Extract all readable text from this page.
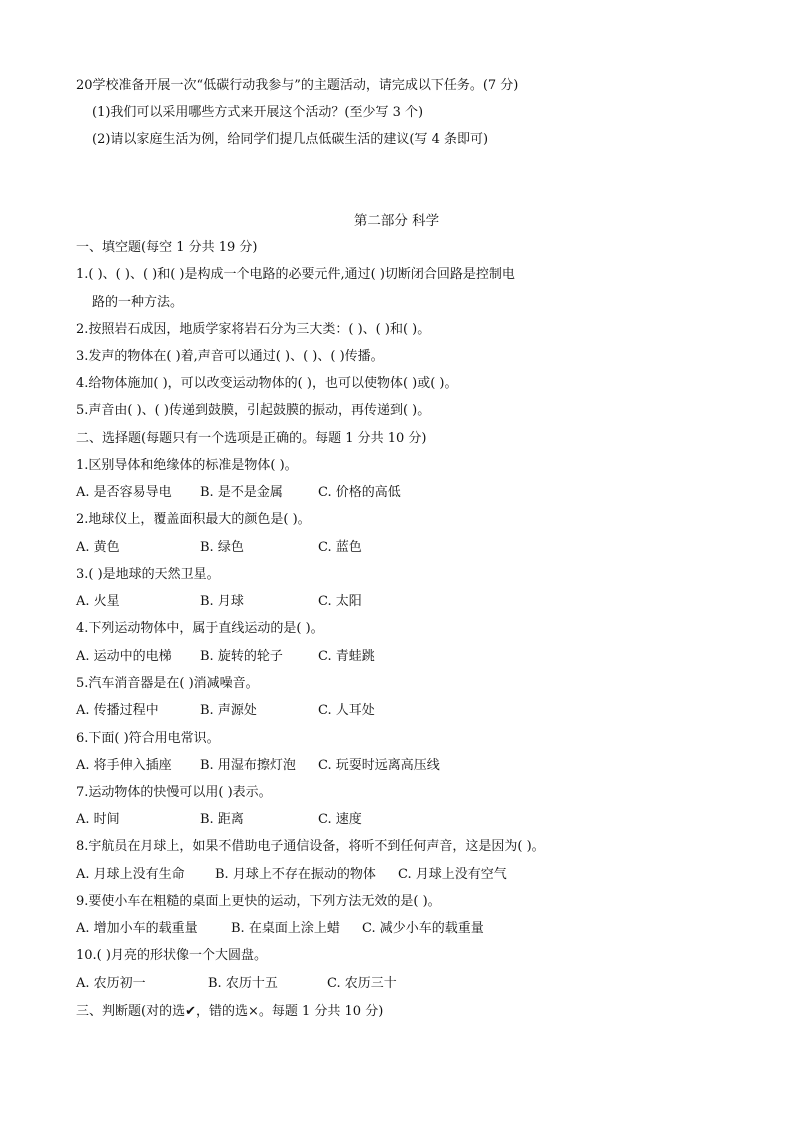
20学校准备开展一次“低碳行动我参与”的主题活动，请完成以下任务。(7 分)
(1)我们可以采用哪些方式来开展这个活动？(至少写 3 个)
(2)请以家庭生活为例，给同学们提几点低碳生活的建议(写 4 条即可)
第二部分 科学
一、填空题(每空 1 分共 19 分)
1.( )、( )、( )和( )是构成一个电路的必要元件,通过( )切断闭合回路是控制电
路的一种方法。
2.按照岩石成因，地质学家将岩石分为三大类：( )、( )和( )。
3.发声的物体在( )着,声音可以通过( )、( )、( )传播。
4.给物体施加( )，可以改变运动物体的( )，也可以使物体( )或( )。
5.声音由( )、( )传递到鼓膜，引起鼓膜的振动，再传递到( )。
二、选择题(每题只有一个选项是正确的。每题 1 分共 10 分)
1.区别导体和绝缘体的标准是物体( )。
A. 是否容易导电	B. 是不是金属	C. 价格的高低
2.地球仪上，覆盖面积最大的颜色是( )。
A. 黄色	B. 绿色	C. 蓝色
3.( )是地球的天然卫星。
A. 火星	B. 月球	C. 太阳
4.下列运动物体中，属于直线运动的是( )。
A. 运动中的电梯	B. 旋转的轮子	C. 青蛙跳
5.汽车消音器是在( )消减噪音。
A. 传播过程中	B. 声源处	C. 人耳处
6.下面( )符合用电常识。
A. 将手伸入插座	B. 用湿布擦灯泡	C. 玩耍时远离高压线
7.运动物体的快慢可以用( )表示。
A. 时间	B. 距离	C. 速度
8.宇航员在月球上，如果不借助电子通信设备，将听不到任何声音，这是因为( )。
A. 月球上没有生命	B. 月球上不存在振动的物体	C. 月球上没有空气
9.要使小车在粗糙的桌面上更快的运动，下列方法无效的是( )。
A. 增加小车的载重量	B. 在桌面上涂上蜡	C. 减少小车的载重量
10.( )月亮的形状像一个大圆盘。
A. 农历初一	B. 农历十五	C. 农历三十
三、判断题(对的选✔，错的选×。每题 1 分共 10 分)
